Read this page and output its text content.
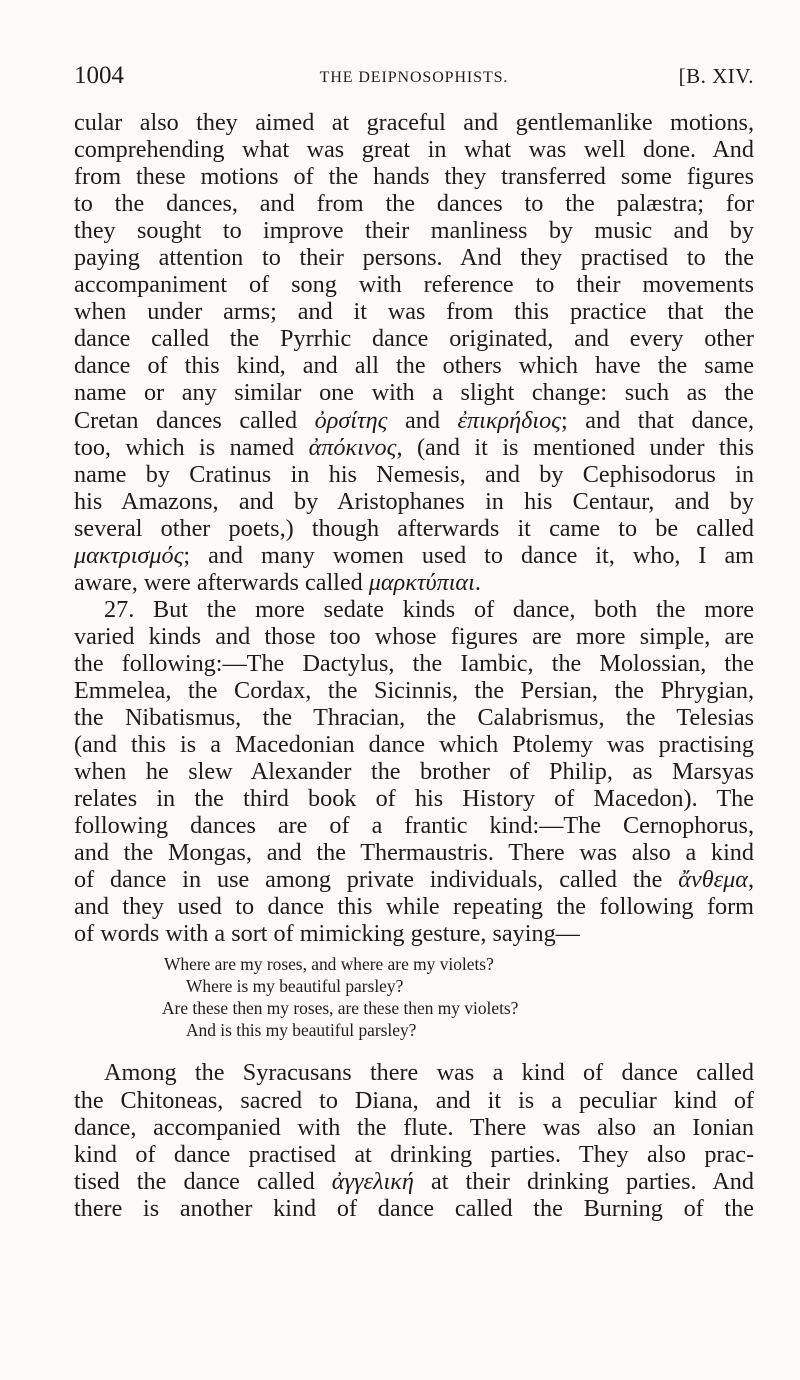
1004	THE DEIPNOSOPHISTS.	[B. XIV.
cular also they aimed at graceful and gentlemanlike motions,
comprehending what was great in what was well done. And
from these motions of the hands they transferred some figures
to the dances, and from the dances to the palæstra; for
they sought to improve their manliness by music and by
paying attention to their persons. And they practised to the
accompaniment of song with reference to their movements
when under arms; and it was from this practice that the
dance called the Pyrrhic dance originated, and every other
dance of this kind, and all the others which have the same
name or any similar one with a slight change: such as the
Cretan dances called ὀρσίτης and ἐπικρήδιος; and that dance,
too, which is named ἀπόκινος, (and it is mentioned under this
name by Cratinus in his Nemesis, and by Cephisodorus in
his Amazons, and by Aristophanes in his Centaur, and by
several other poets,) though afterwards it came to be called
μακτρισμός; and many women used to dance it, who, I am
aware, were afterwards called μαρκτύπιαι.
27. But the more sedate kinds of dance, both the more
varied kinds and those too whose figures are more simple, are
the following:—The Dactylus, the Iambic, the Molossian, the
Emmelea, the Cordax, the Sicinnis, the Persian, the Phrygian,
the Nibatismus, the Thracian, the Calabrismus, the Telesias
(and this is a Macedonian dance which Ptolemy was practising
when he slew Alexander the brother of Philip, as Marsyas
relates in the third book of his History of Macedon). The
following dances are of a frantic kind:—The Cernophorus,
and the Mongas, and the Thermaustris. There was also a kind
of dance in use among private individuals, called the ἄνθεμα,
and they used to dance this while repeating the following form
of words with a sort of mimicking gesture, saying—
Where are my roses, and where are my violets?
Where is my beautiful parsley?
Are these then my roses, are these then my violets?
And is this my beautiful parsley?
Among the Syracusans there was a kind of dance called
the Chitoneas, sacred to Diana, and it is a peculiar kind of
dance, accompanied with the flute. There was also an Ionian
kind of dance practised at drinking parties. They also prac-
tised the dance called ἀγγελική at their drinking parties. And
there is another kind of dance called the Burning of the
